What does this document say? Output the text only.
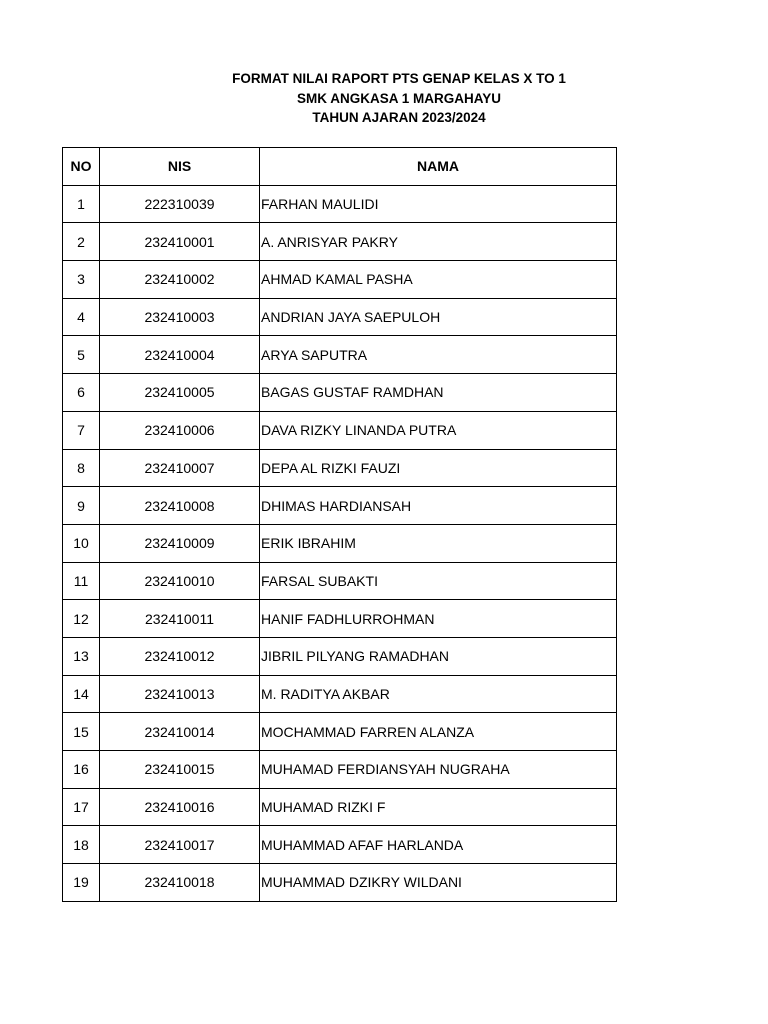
FORMAT NILAI RAPORT PTS GENAP KELAS X TO 1
SMK ANGKASA 1 MARGAHAYU
TAHUN AJARAN 2023/2024
NO	NIS	NAMA
1	222310039	FARHAN MAULIDI
2	232410001	A. ANRISYAR PAKRY
3	232410002	AHMAD KAMAL PASHA
4	232410003	ANDRIAN JAYA SAEPULOH
5	232410004	ARYA SAPUTRA
6	232410005	BAGAS GUSTAF RAMDHAN
7	232410006	DAVA RIZKY LINANDA PUTRA
8	232410007	DEPA AL RIZKI FAUZI
9	232410008	DHIMAS HARDIANSAH
10	232410009	ERIK IBRAHIM
11	232410010	FARSAL SUBAKTI
12	232410011	HANIF FADHLURROHMAN
13	232410012	JIBRIL PILYANG RAMADHAN
14	232410013	M. RADITYA AKBAR
15	232410014	MOCHAMMAD FARREN ALANZA
16	232410015	MUHAMAD FERDIANSYAH NUGRAHA
17	232410016	MUHAMAD RIZKI F
18	232410017	MUHAMMAD AFAF HARLANDA
19	232410018	MUHAMMAD DZIKRY WILDANI
